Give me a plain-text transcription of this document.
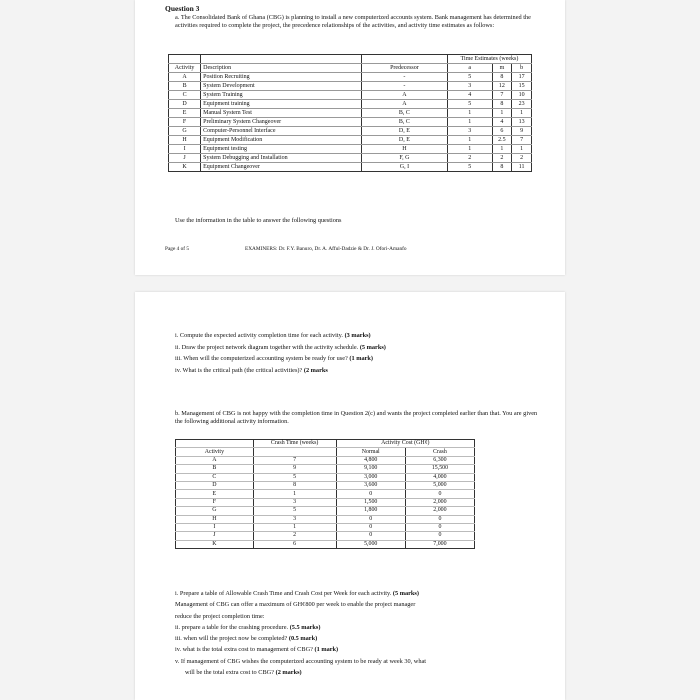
Question 3
a. The Consolidated Bank of Ghana (CBG) is planning to install a new computerized accounts system. Bank management has determined the activities required to complete the project, the precedence relationships of the activities, and activity time estimates as follows:
			Time Estimates (weeks)		
Activity	Description	Predecessor	a	m	b
A	Position Recruiting	-	5	8	17
B	System Development	-	3	12	15
C	System Training	A	4	7	10
D	Equipment training	A	5	8	23
E	Manual System Test	B, C	1	1	1
F	Preliminary System Changeover	B, C	1	4	13
G	Computer-Personnel Interface	D, E	3	6	9
H	Equipment Modification	D, E	1	2.5	7
I	Equipment testing	H	1	1	1
J	System Debugging and Installation	F, G	2	2	2
K	Equipment Changeover	G, I	5	8	11
Use the information in the table to answer the following questions
Page 4 of 5	EXAMINERS: Dr. F.Y. Banuro, Dr. A. Afful-Dadzie & Dr. J. Ofori-Amanfo
i. Compute the expected activity completion time for each activity. (3 marks)
ii. Draw the project network diagram together with the activity schedule. (5 marks)
iii. When will the computerized accounting system be ready for use? (1 mark)
iv. What is the critical path (the critical activities)? (2 marks
b. Management of CBG is not happy with the completion time in Question 2(c) and wants the project completed earlier than that. You are given the following additional activity information.
	Crash Time (weeks)	Activity Cost (GH¢)	
Activity		Normal	Crash
A	7	4,800	6,300
B	9	9,100	15,500
C	5	3,000	4,000
D	8	3,600	5,000
E	1	0	0
F	3	1,500	2,000
G	5	1,800	2,000
H	3	0	0
I	1	0	0
J	2	0	0
K	6	5,000	7,000
i. Prepare a table of Allowable Crash Time and Crash Cost per Week for each activity. (5 marks)
Management of CBG can offer a maximum of GH¢800 per week to enable the project manager
reduce the project completion time:
ii. prepare a table for the crashing procedure. (5.5 marks)
iii. when will the project now be completed? (0.5 mark)
iv. what is the total extra cost to management of CBG? (1 mark)
v. If management of CBG wishes the computerized accounting system to be ready at week 30, what
will be the total extra cost to CBG? (2 marks)
